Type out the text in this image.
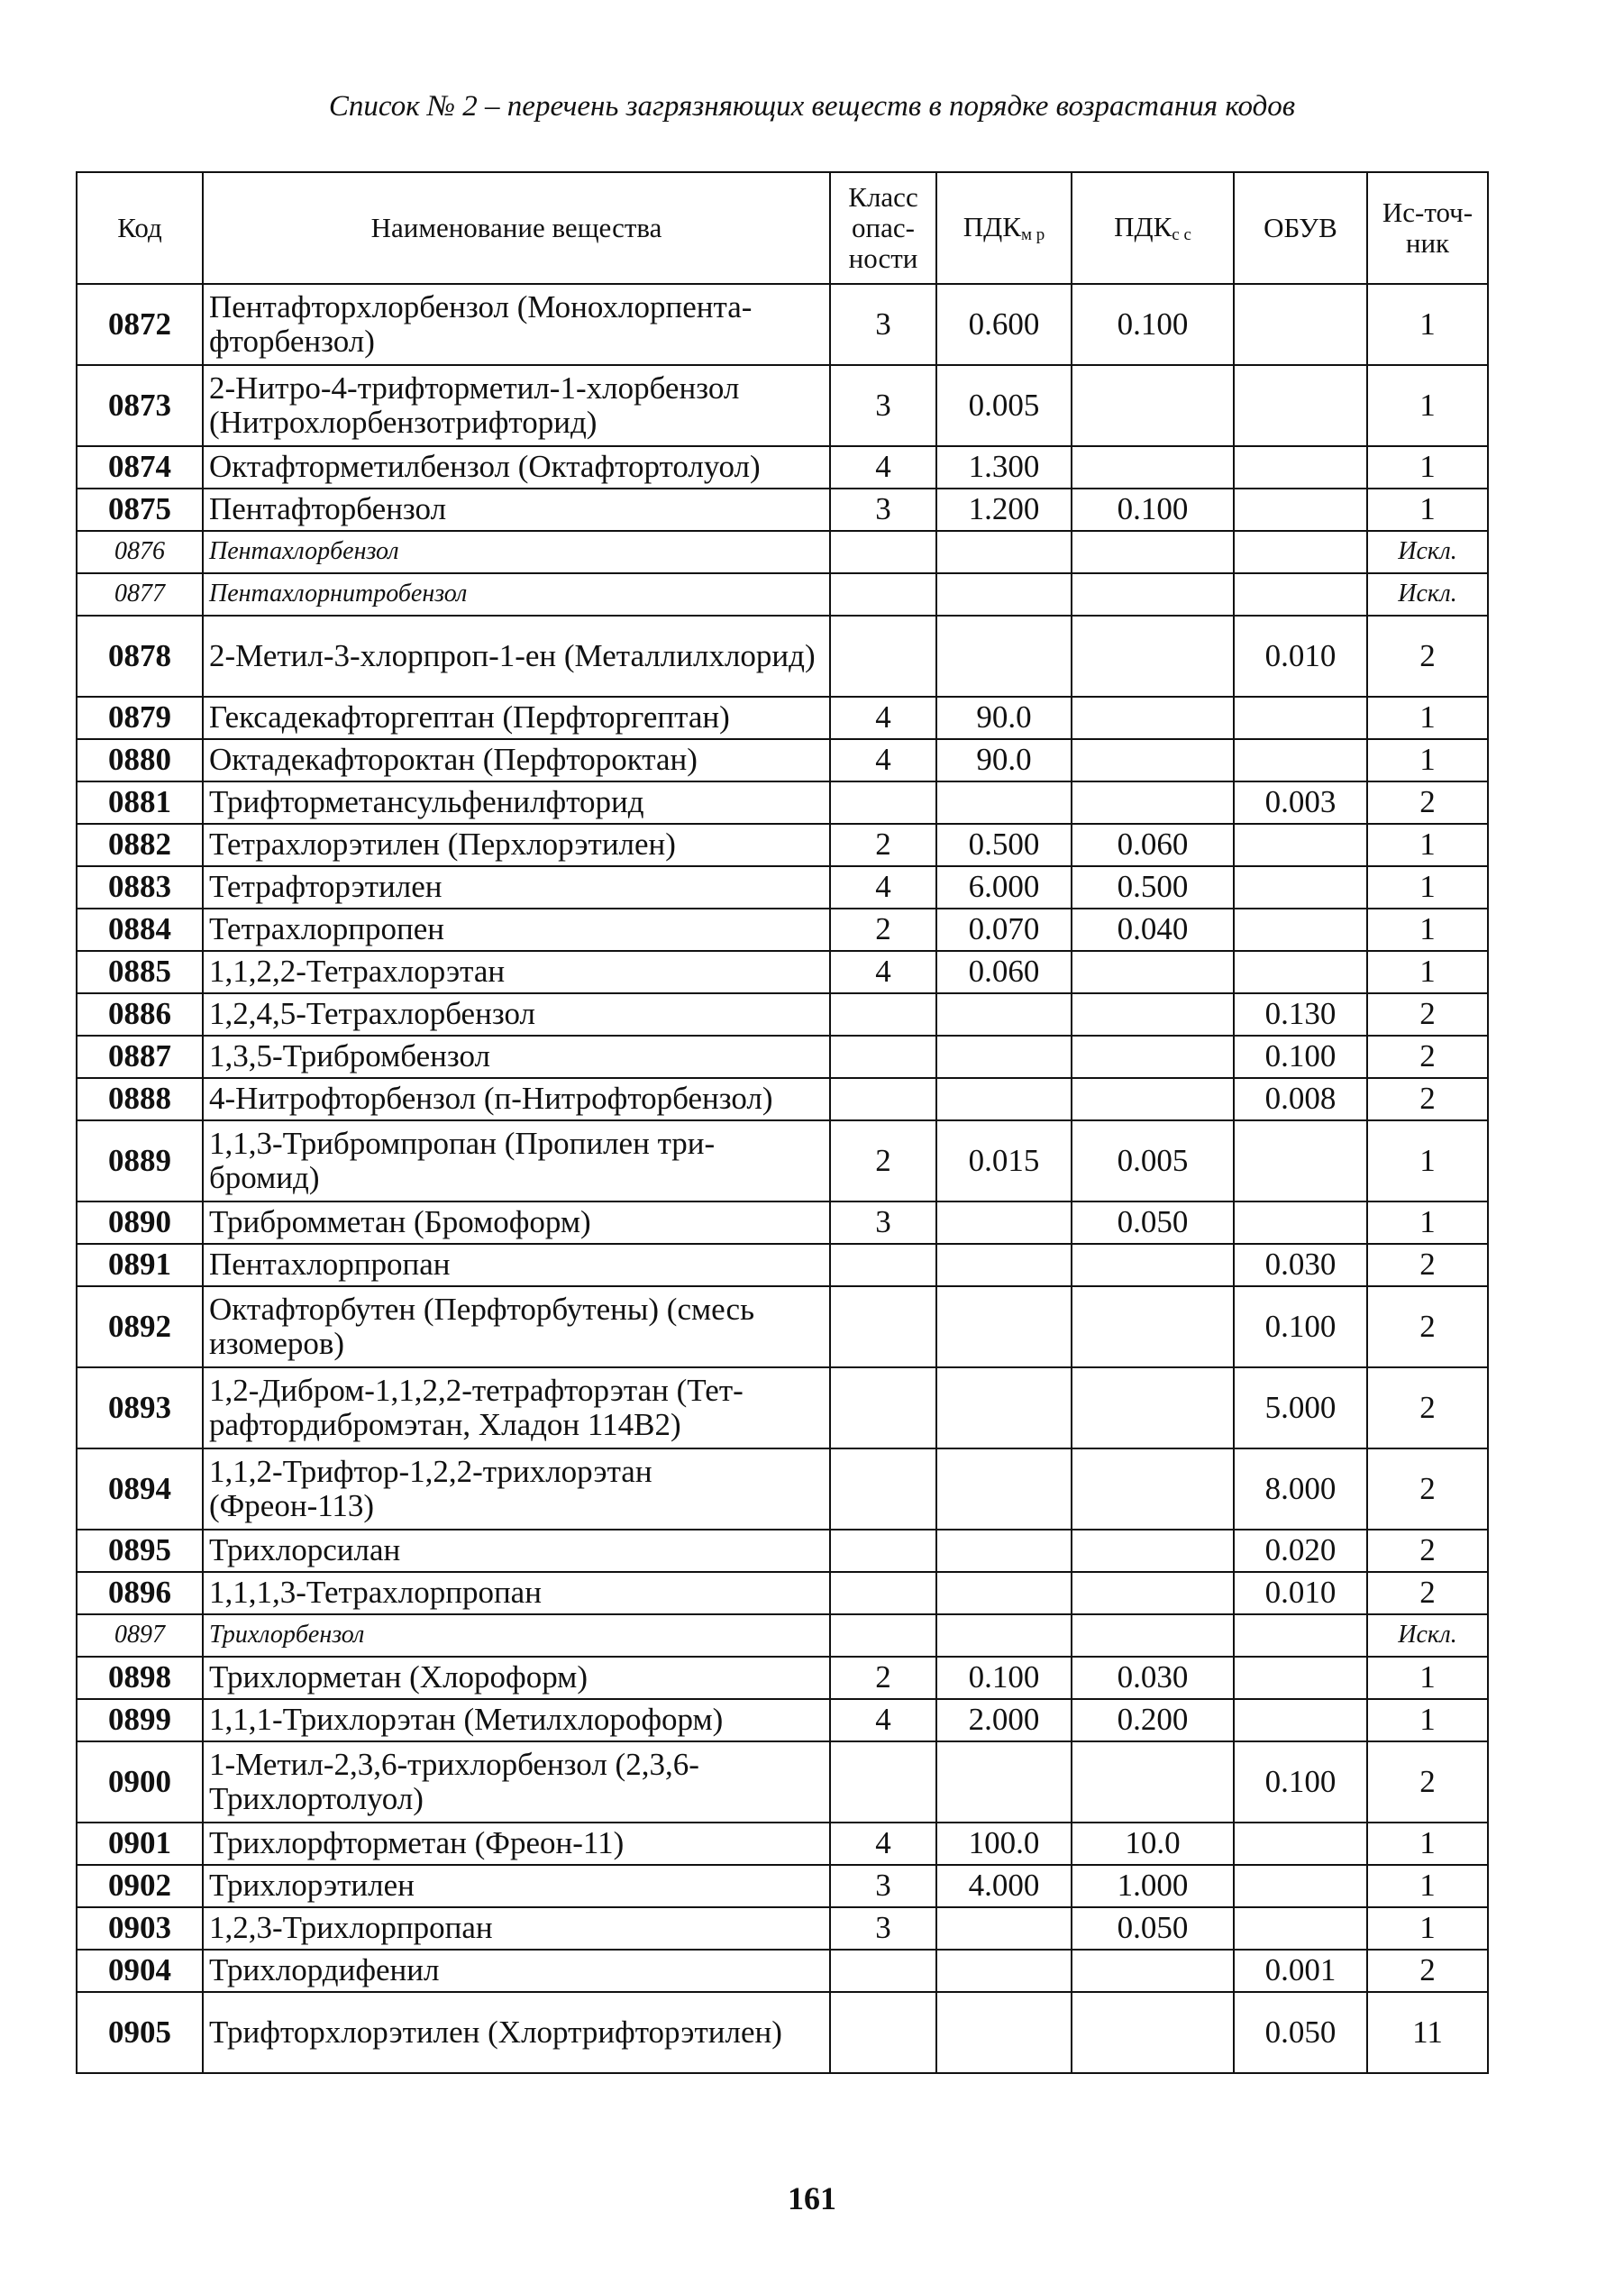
Список № 2 – перечень загрязняющих веществ в порядке возрастания кодов
Код	Наименование вещества	Класс опас-ности	$ПДК_{м р}$	$ПДК_{с с}$	ОБУВ	Ис-точ-ник
0872	Пентафторхлорбензол (Монохлорпента-фторбензол)	3	0.600	0.100		1
0873	2-Нитро-4-трифторметил-1-хлорбензол (Нитрохлорбензотрифторид)	3	0.005			1
0874	Октафторметилбензол (Октафтортолуол)	4	1.300			1
0875	Пентафторбензол	3	1.200	0.100		1
0876	Пентахлорбензол					Искл.
0877	Пентахлорнитробензол					Искл.
0878	2-Метил-3-хлорпроп-1-ен (Металлилхлорид)				0.010	2
0879	Гексадекафторгептан (Перфторгептан)	4	90.0			1
0880	Октадекафтороктан (Перфтороктан)	4	90.0			1
0881	Трифторметансульфенилфторид				0.003	2
0882	Тетрахлорэтилен (Перхлорэтилен)	2	0.500	0.060		1
0883	Тетрафторэтилен	4	6.000	0.500		1
0884	Тетрахлорпропен	2	0.070	0.040		1
0885	1,1,2,2-Тетрахлорэтан	4	0.060			1
0886	1,2,4,5-Тетрахлорбензол				0.130	2
0887	1,3,5-Трибромбензол				0.100	2
0888	4-Нитрофторбензол (п-Нитрофторбензол)				0.008	2
0889	1,1,3-Трибромпропан (Пропилен три-бромид)	2	0.015	0.005		1
0890	Трибромметан (Бромоформ)	3		0.050		1
0891	Пентахлорпропан				0.030	2
0892	Октафторбутен (Перфторбутены) (смесь изомеров)				0.100	2
0893	1,2-Дибром-1,1,2,2-тетрафторэтан (Тет-рафтордибромэтан, Хладон 114В2)				5.000	2
0894	1,1,2-Трифтор-1,2,2-трихлорэтан (Фреон-113)				8.000	2
0895	Трихлорсилан				0.020	2
0896	1,1,1,3-Тетрахлорпропан				0.010	2
0897	Трихлорбензол					Искл.
0898	Трихлорметан (Хлороформ)	2	0.100	0.030		1
0899	1,1,1-Трихлорэтан (Метилхлороформ)	4	2.000	0.200		1
0900	1-Метил-2,3,6-трихлорбензол (2,3,6-Трихлортолуол)				0.100	2
0901	Трихлорфторметан (Фреон-11)	4	100.0	10.0		1
0902	Трихлорэтилен	3	4.000	1.000		1
0903	1,2,3-Трихлорпропан	3		0.050		1
0904	Трихлордифенил				0.001	2
0905	Трифторхлорэтилен (Хлортрифторэтилен)				0.050	11
161
